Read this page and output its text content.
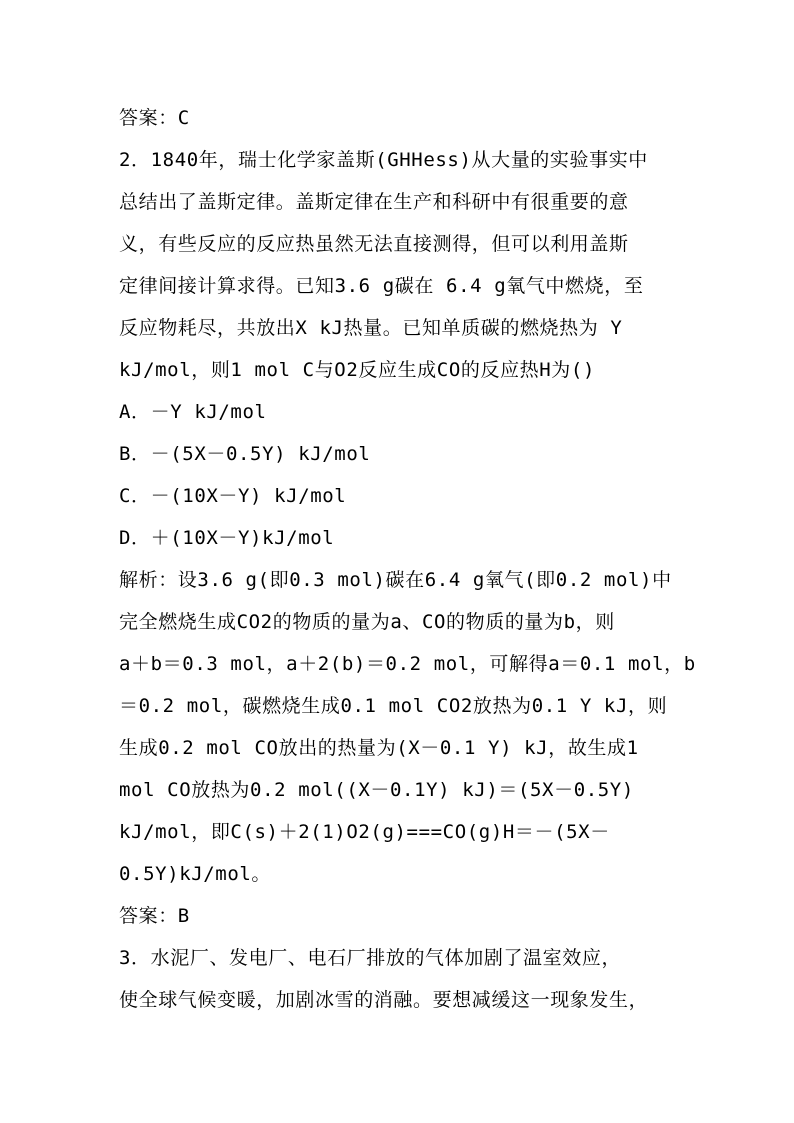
答案：C
2．1840年，瑞士化学家盖斯(GHHess)从大量的实验事实中
总结出了盖斯定律。盖斯定律在生产和科研中有很重要的意
义，有些反应的反应热虽然无法直接测得，但可以利用盖斯
定律间接计算求得。已知3.6 g碳在 6.4 g氧气中燃烧，至
反应物耗尽，共放出X kJ热量。已知单质碳的燃烧热为 Y
kJ/mol，则1 mol C与O2反应生成CO的反应热H为()
A．－Y kJ/mol
B．－(5X－0.5Y) kJ/mol
C．－(10X－Y) kJ/mol
D．＋(10X－Y)kJ/mol
解析：设3.6 g(即0.3 mol)碳在6.4 g氧气(即0.2 mol)中
完全燃烧生成CO2的物质的量为a、CO的物质的量为b，则
a＋b＝0.3 mol，a＋2(b)＝0.2 mol，可解得a＝0.1 mol，b
＝0.2 mol，碳燃烧生成0.1 mol CO2放热为0.1 Y kJ，则
生成0.2 mol CO放出的热量为(X－0.1 Y) kJ，故生成1
mol CO放热为0.2 mol((X－0.1Y) kJ)＝(5X－0.5Y)
kJ/mol，即C(s)＋2(1)O2(g)===CO(g)H＝－(5X－
0.5Y)kJ/mol。
答案：B
3．水泥厂、发电厂、电石厂排放的气体加剧了温室效应，
使全球气候变暖，加剧冰雪的消融。要想减缓这一现象发生，
